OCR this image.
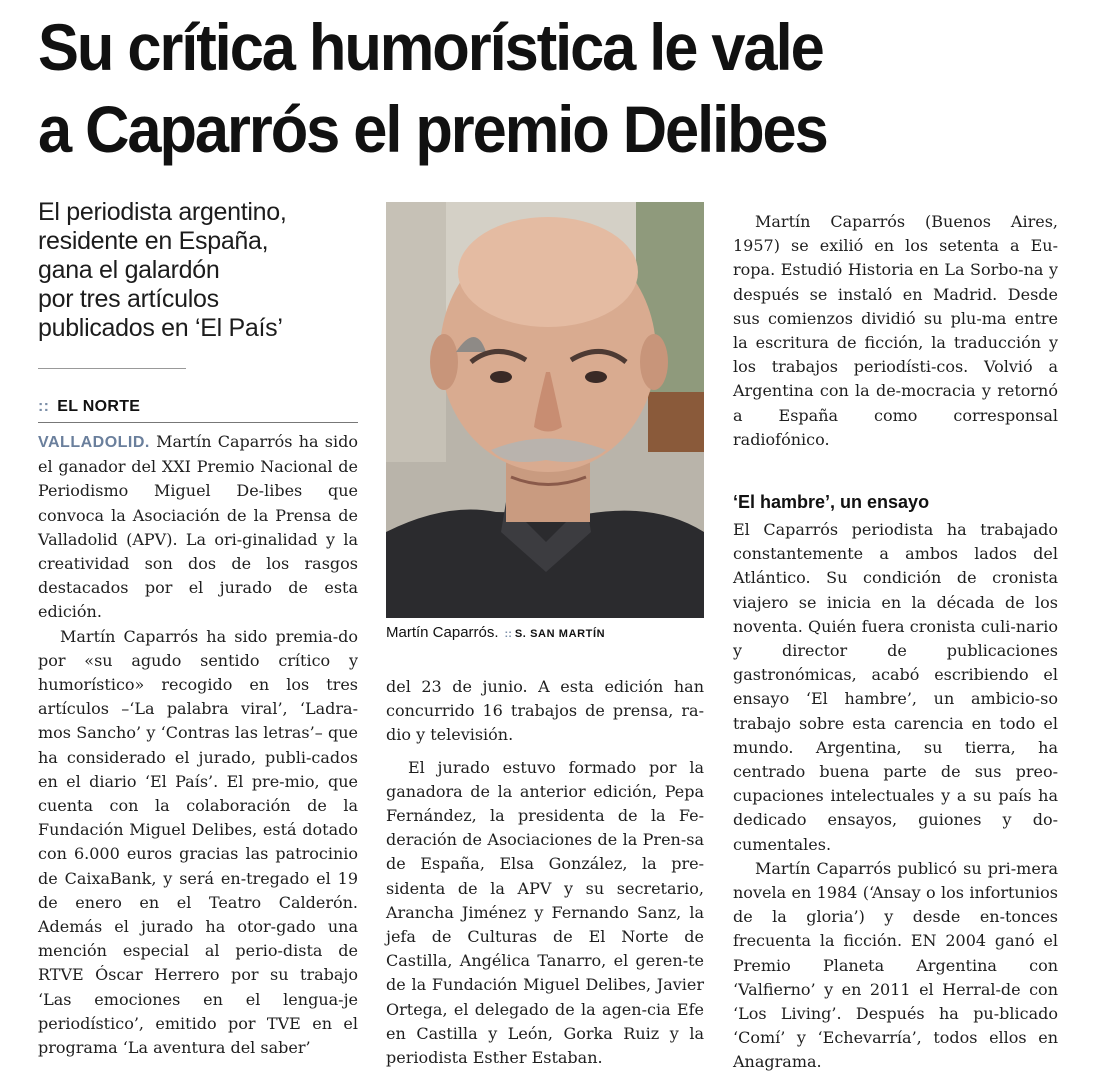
Su crítica humorística le vale
a Caparrós el premio Delibes
El periodista argentino,
residente en España,
gana el galardón
por tres artículos
publicados en ‘El País’
:: EL NORTE

VALLADOLID. Martín Caparrós ha sido el ganador del XXI Premio Nacional de Periodismo Miguel De-libes que convoca la Asociación de la Prensa de Valladolid (APV). La ori-ginalidad y la creatividad son dos de los rasgos destacados por el jurado de esta edición.

Martín Caparrós ha sido premia-do por «su agudo sentido crítico y humorístico» recogido en los tres artículos –‘La palabra viral’, ‘Ladra-mos Sancho’ y ‘Contras las letras’– que ha considerado el jurado, publi-cados en el diario ‘El País’. El pre-mio, que cuenta con la colaboración de la Fundación Miguel Delibes, está dotado con 6.000 euros gracias las patrocinio de CaixaBank, y será en-tregado el 19 de enero en el Teatro Calderón. Además el jurado ha otor-gado una mención especial al perio-dista de RTVE Óscar Herrero por su trabajo ‘Las emociones en el lengua-je periodístico’, emitido por TVE en el programa ‘La aventura del saber’

Martín Caparrós. :: S. SAN MARTÍN

del 23 de junio. A esta edición han concurrido 16 trabajos de prensa, ra-dio y televisión.

El jurado estuvo formado por la ganadora de la anterior edición, Pepa Fernández, la presidenta de la Fe-deración de Asociaciones de la Pren-sa de España, Elsa González, la pre-sidenta de la APV y su secretario, Arancha Jiménez y Fernando Sanz, la jefa de Culturas de El Norte de Castilla, Angélica Tanarro, el geren-te de la Fundación Miguel Delibes, Javier Ortega, el delegado de la agen-cia Efe en Castilla y León, Gorka Ruiz y la periodista Esther Estaban.

Martín Caparrós (Buenos Aires, 1957) se exilió en los setenta a Eu-ropa. Estudió Historia en La Sorbo-na y después se instaló en Madrid. Desde sus comienzos dividió su plu-ma entre la escritura de ficción, la traducción y los trabajos periodísti-cos. Volvió a Argentina con la de-mocracia y retornó a España como corresponsal radiofónico.

‘El hambre’, un ensayo

El Caparrós periodista ha trabajado constantemente a ambos lados del Atlántico. Su condición de cronista viajero se inicia en la década de los noventa. Quién fuera cronista culi-nario y director de publicaciones gastronómicas, acabó escribiendo el ensayo ‘El hambre’, un ambicio-so trabajo sobre esta carencia en todo el mundo. Argentina, su tierra, ha centrado buena parte de sus preo-cupaciones intelectuales y a su país ha dedicado ensayos, guiones y do-cumentales.

Martín Caparrós publicó su pri-mera novela en 1984 (‘Ansay o los infortunios de la gloria’) y desde en-tonces frecuenta la ficción. EN 2004 ganó el Premio Planeta Argentina con ‘Valfierno’ y en 2011 el Herral-de con ‘Los Living’. Después ha pu-blicado ‘Comí’ y ‘Echevarría’, todos ellos en Anagrama.
